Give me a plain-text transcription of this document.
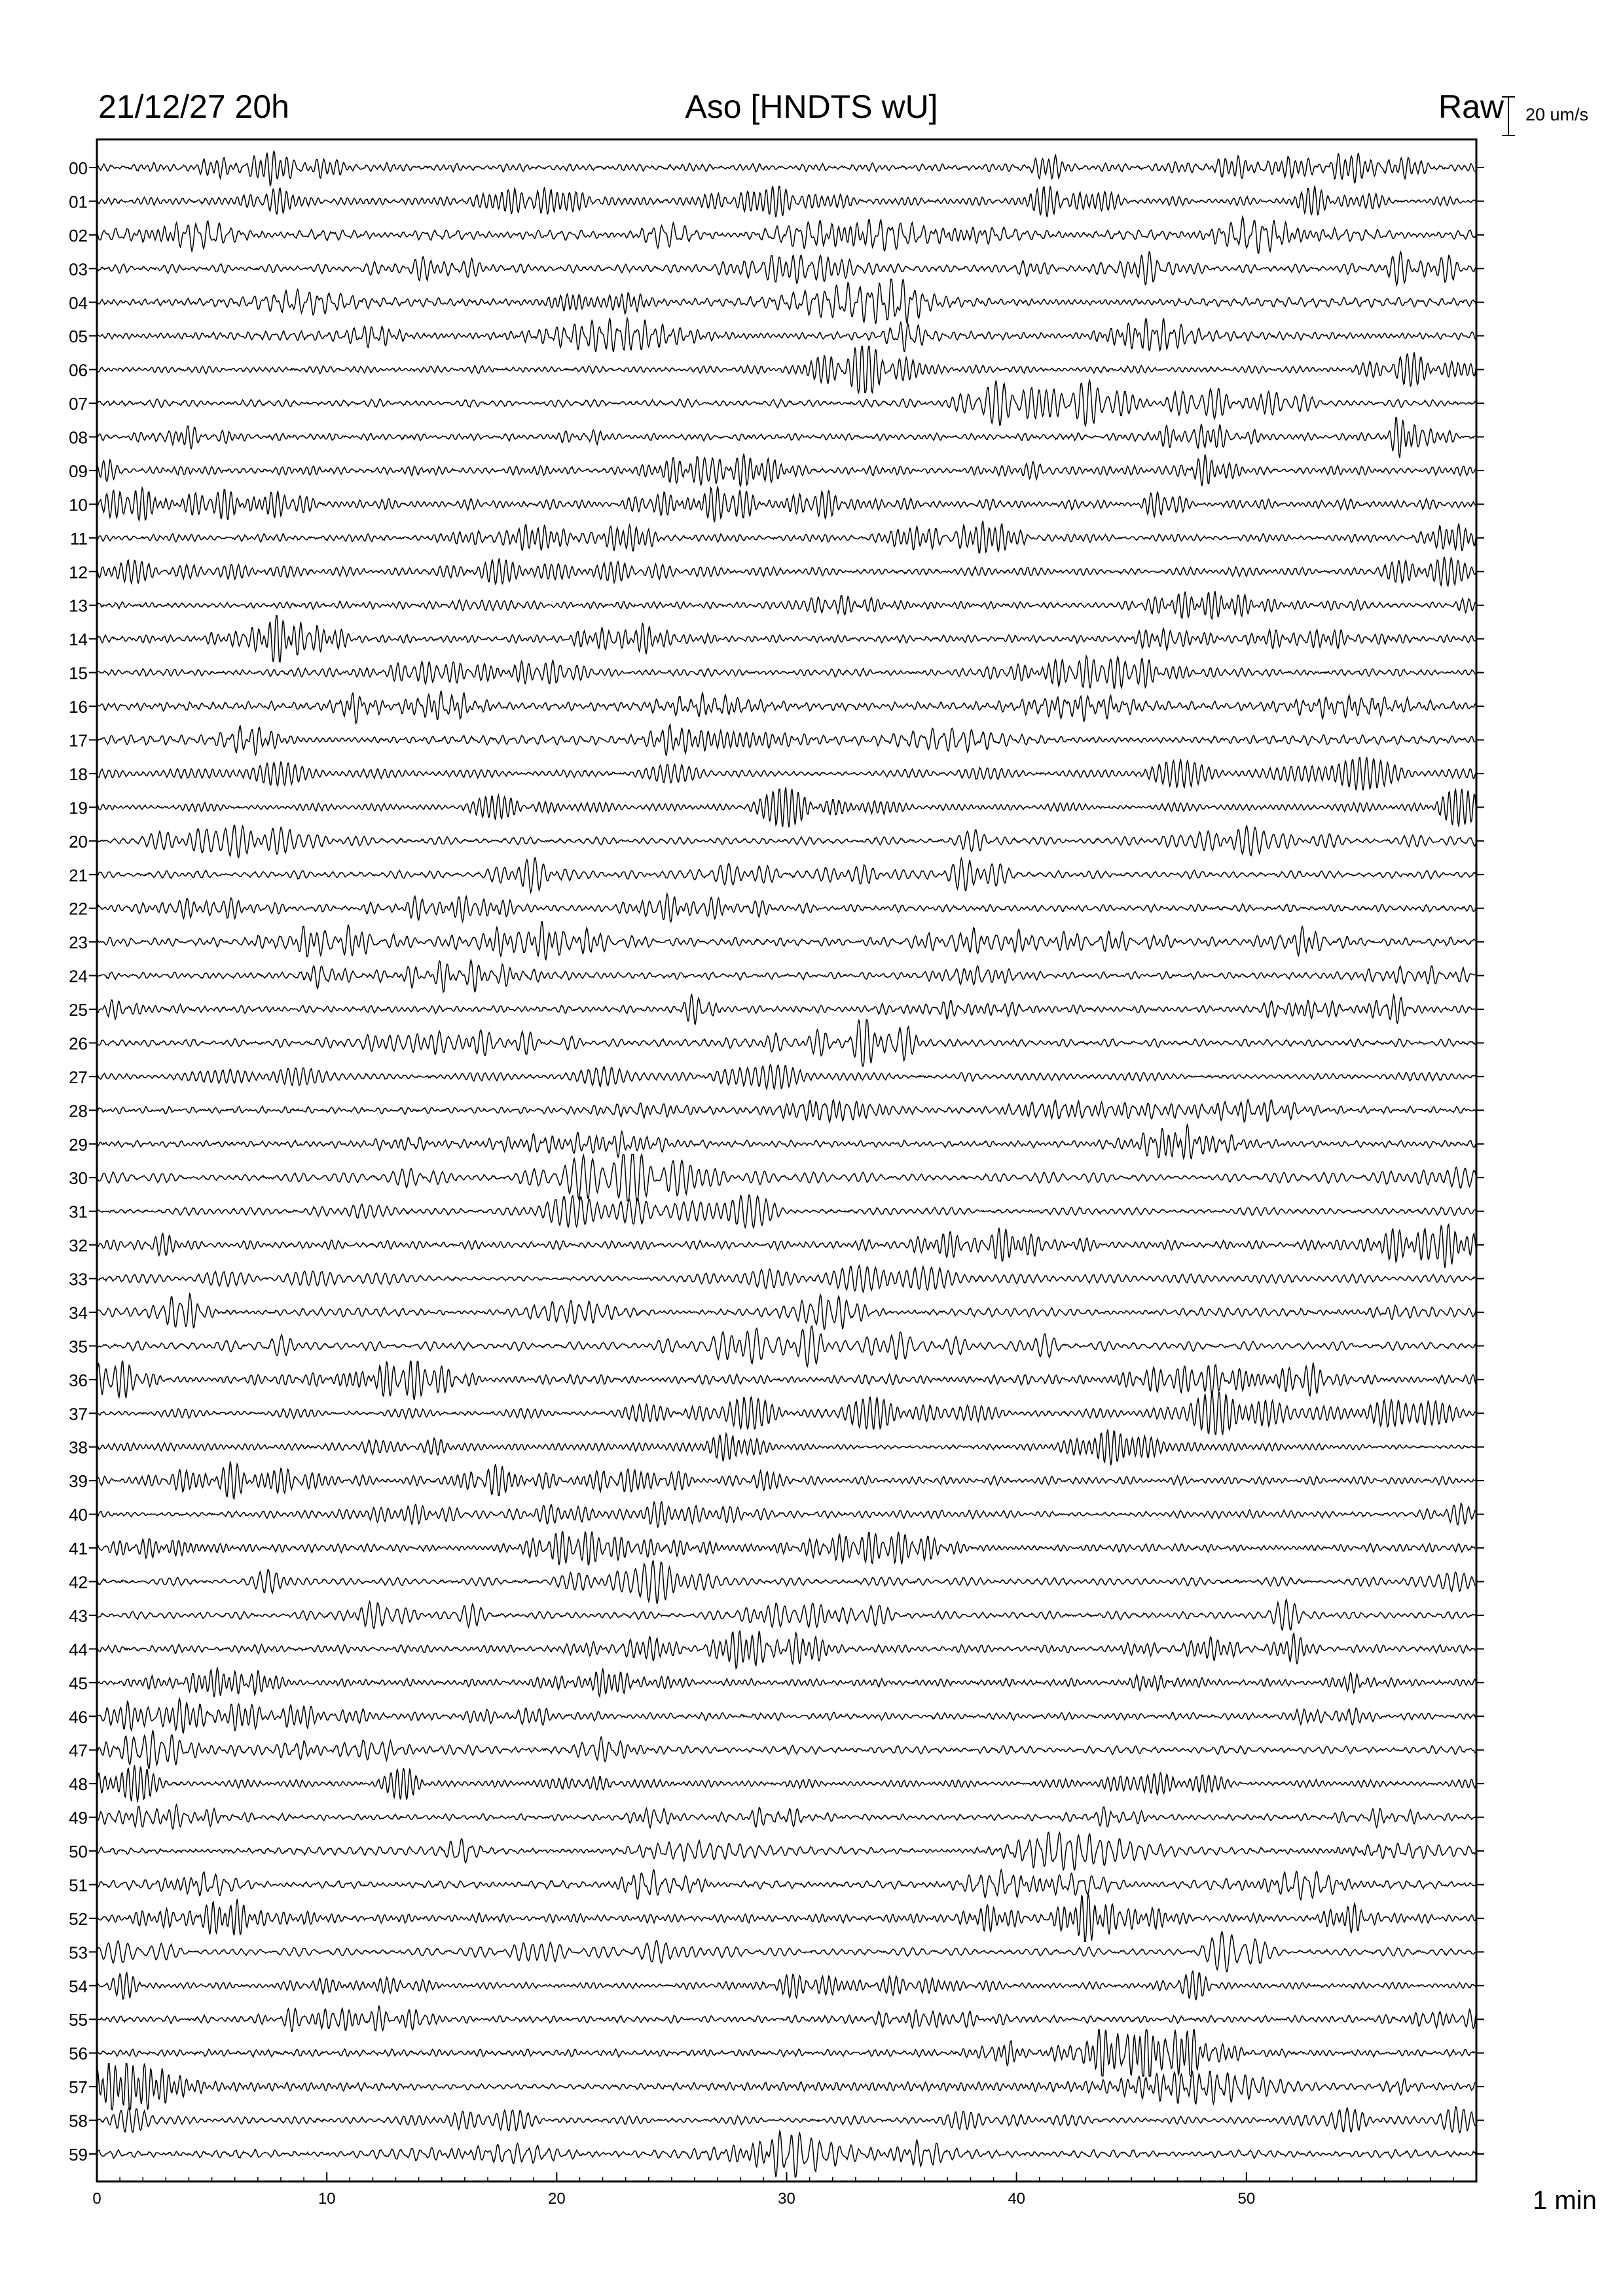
21/12/27 20h	Aso [HNDTS wU]	Raw 20 um/s
1 min
00
01
02
03
04
05
06
07
08
09
10
11
12
13
14
15
16
17
18
19
20
21
22
23
24
25
26
27
28
29
30
31
32
33
34
35
36
37
38
39
40
41
42
43
44
45
46
47
48
49
50
51
52
53
54
55
56
57
58
59
0	10	20	30	40	50
